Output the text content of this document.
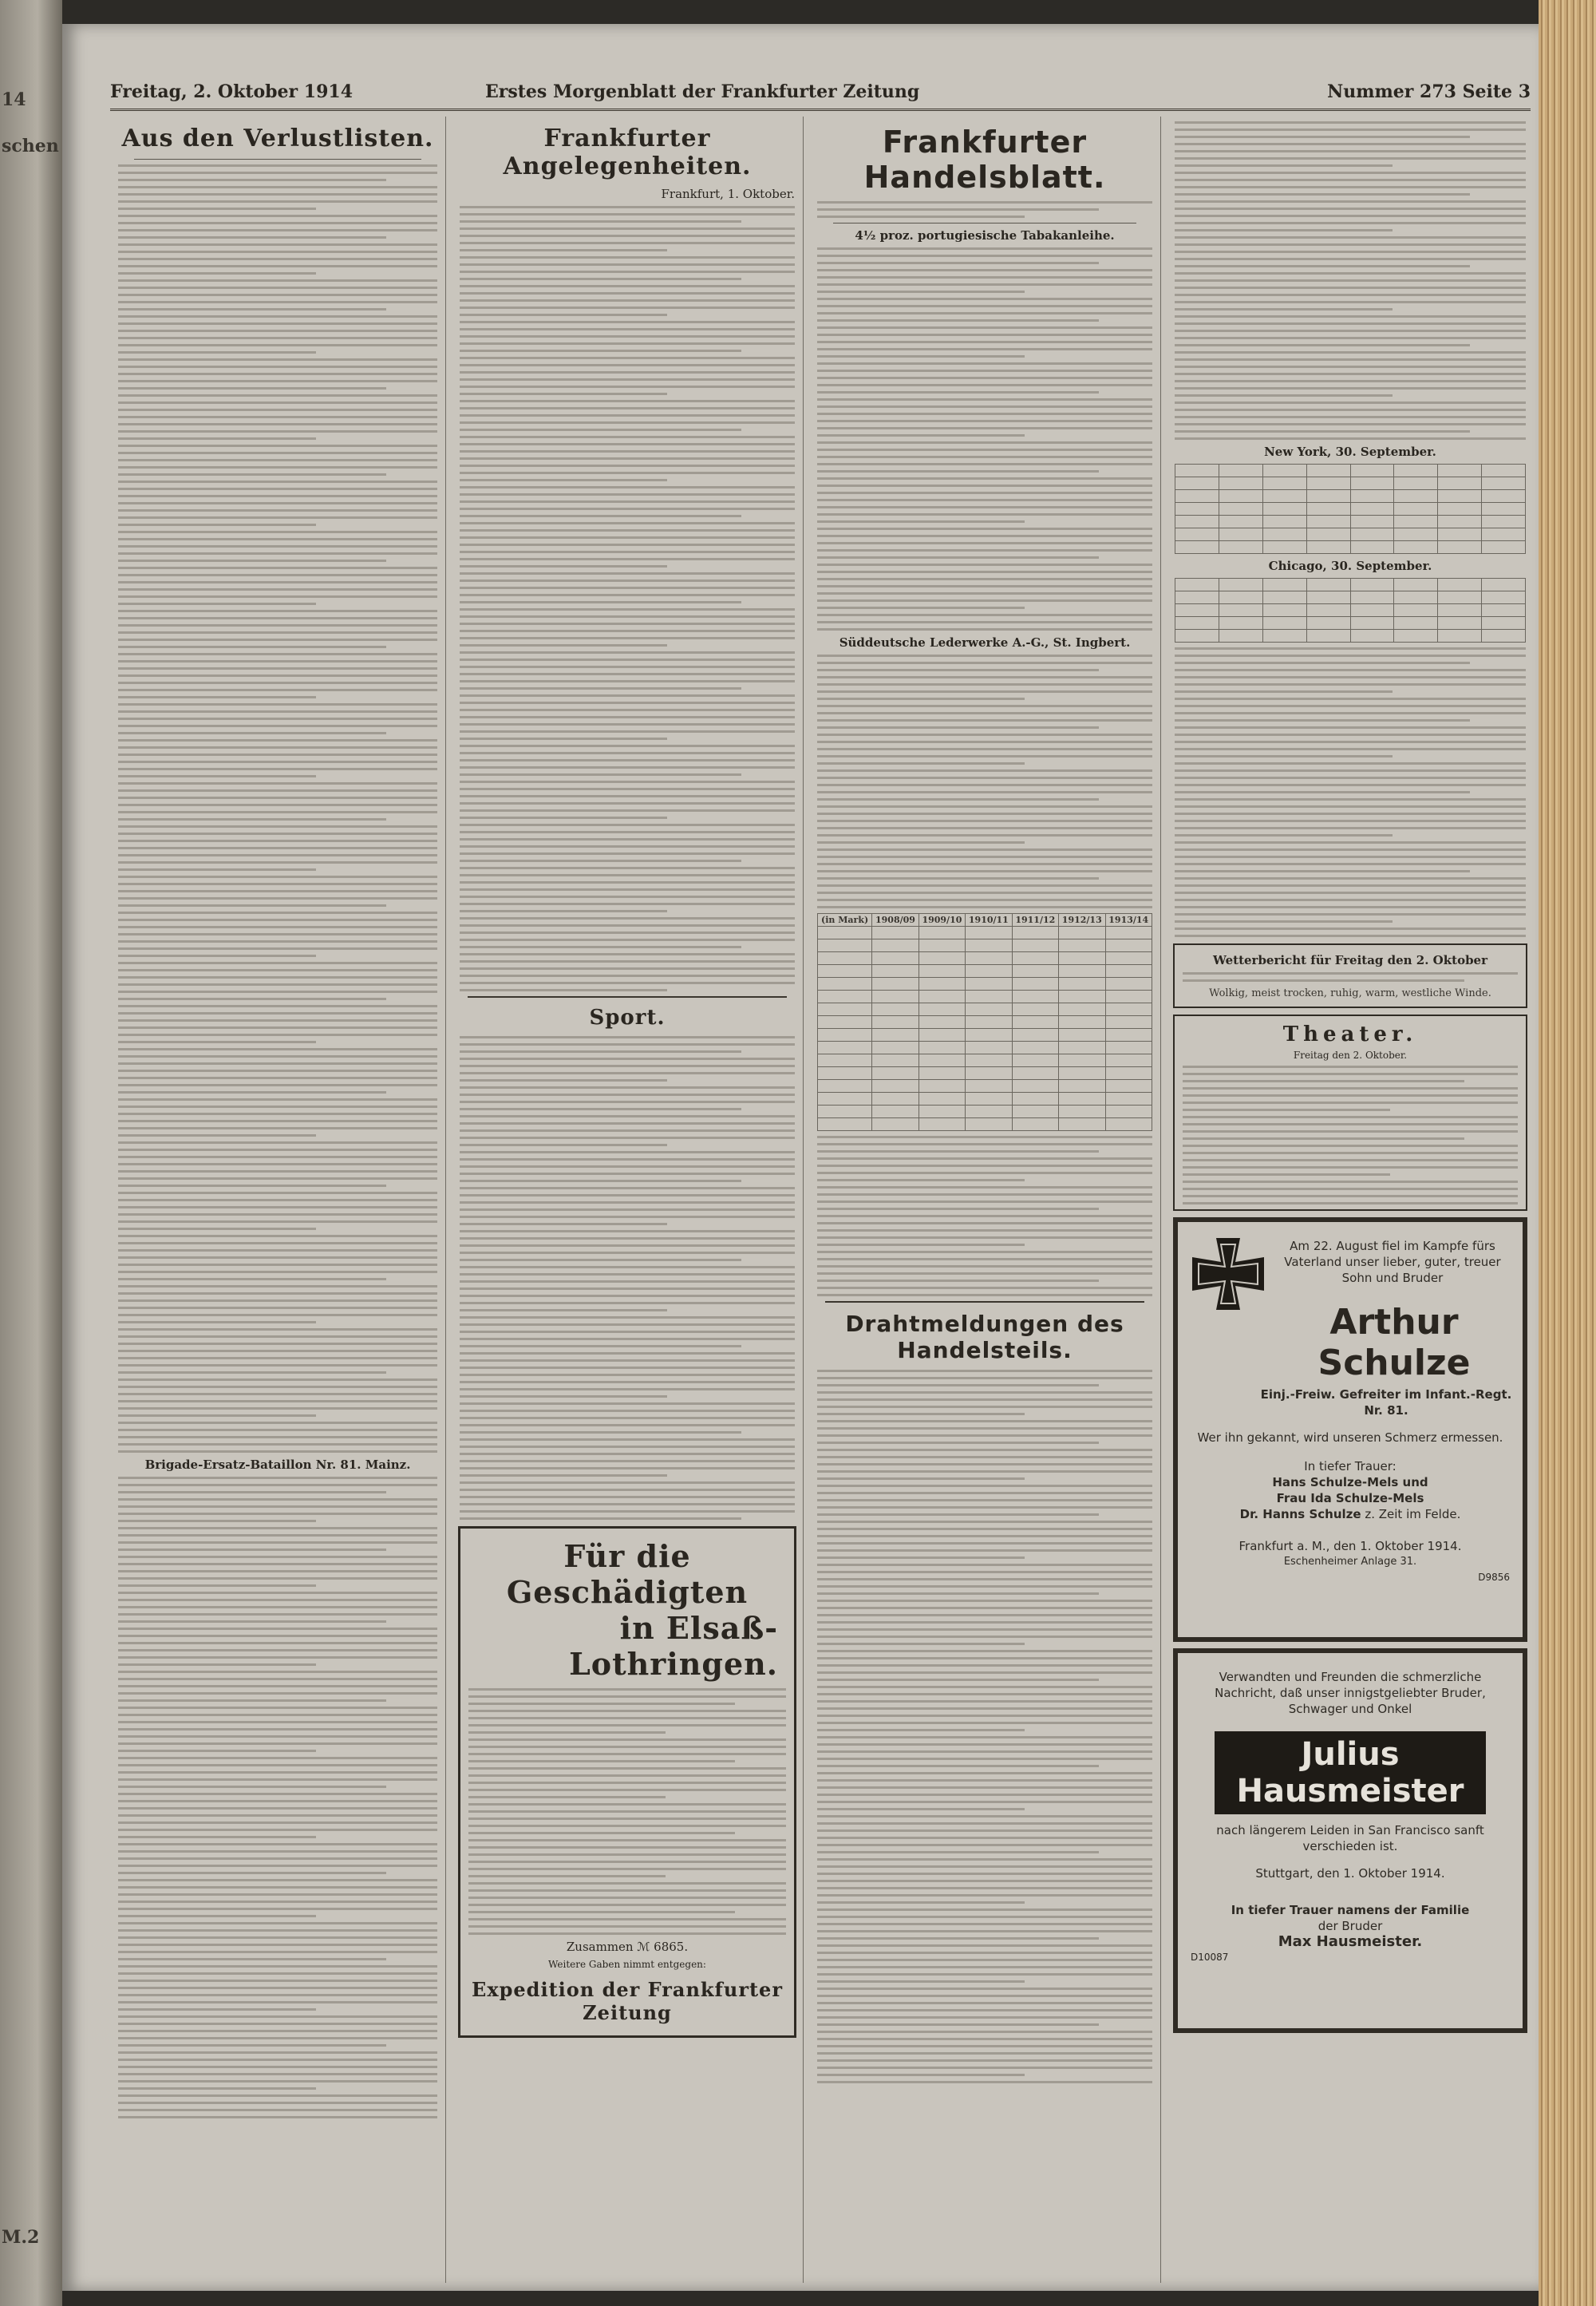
14
schen
M.2
Freitag, 2. Oktober 1914	Erstes Morgenblatt der Frankfurter Zeitung	Nummer 273 Seite 3
Aus den Verlustlisten.
Brigade-Ersatz-Bataillon Nr. 81. Mainz.
Frankfurter Angelegenheiten.
Frankfurt, 1. Oktober.
Sport.
Für die Geschädigten
in Elsaß-Lothringen.
Zusammen ℳ 6865.
Weitere Gaben nimmt entgegen:
Expedition der Frankfurter Zeitung
Frankfurter Handelsblatt.
4½ proz. portugiesische Tabakanleihe.
Süddeutsche Lederwerke A.-G., St. Ingbert.
(in Mark)	1908/09	1909/10	1910/11	1911/12	1912/13	1913/14

Drahtmeldungen des Handelsteils.
New York, 30. September.

Chicago, 30. September.

Wetterbericht für Freitag den 2. Oktober
Wolkig, meist trocken, ruhig, warm, westliche Winde.
Theater.
Freitag den 2. Oktober.
Am 22. August fiel im Kampfe fürs Vaterland unser lieber, guter, treuer Sohn und Bruder
Arthur Schulze
Einj.-Freiw. Gefreiter im Infant.-Regt. Nr. 81.
Wer ihn gekannt, wird unseren Schmerz ermessen.
In tiefer Trauer:
Hans Schulze-Mels und
Frau Ida Schulze-Mels
Dr. Hanns Schulze z. Zeit im Felde.
Frankfurt a. M., den 1. Oktober 1914.
Eschenheimer Anlage 31.
D9856
Verwandten und Freunden die schmerzliche Nachricht, daß unser innigstgeliebter Bruder, Schwager und Onkel
Julius Hausmeister
nach längerem Leiden in San Francisco sanft verschieden ist.
Stuttgart, den 1. Oktober 1914.
In tiefer Trauer namens der Familie
der Bruder
Max Hausmeister.
D10087
